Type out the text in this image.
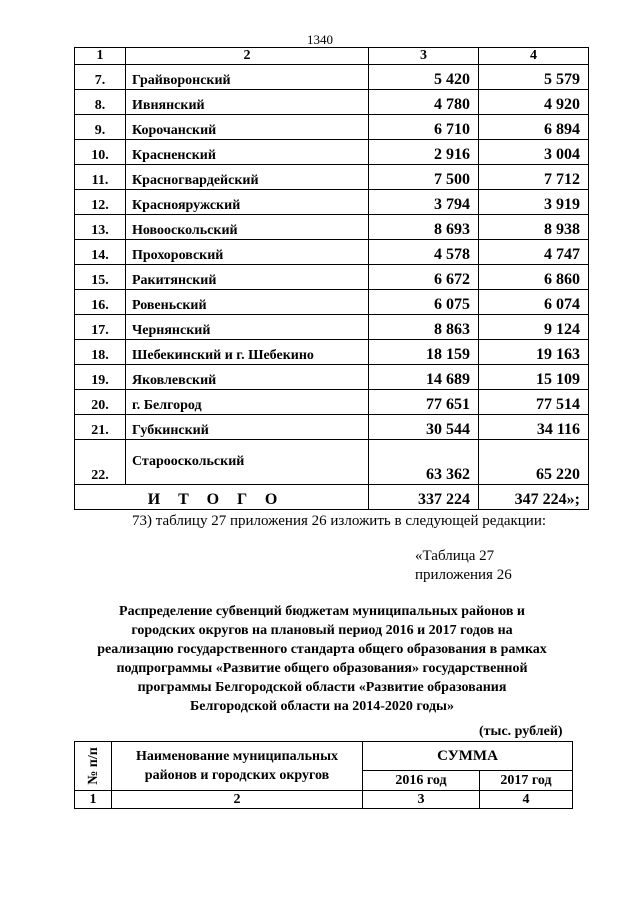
1340
1	2	3	4
7.	Грайворонский	5 420	5 579
8.	Ивнянский	4 780	4 920
9.	Корочанский	6 710	6 894
10.	Красненский	2 916	3 004
11.	Красногвардейский	7 500	7 712
12.	Краснояружский	3 794	3 919
13.	Новооскольский	8 693	8 938
14.	Прохоровский	4 578	4 747
15.	Ракитянский	6 672	6 860
16.	Ровеньский	6 075	6 074
17.	Чернянский	8 863	9 124
18.	Шебекинский и г. Шебекино	18 159	19 163
19.	Яковлевский	14 689	15 109
20.	г. Белгород	77 651	77 514
21.	Губкинский	30 544	34 116
22.	Старооскольский	63 362	65 220
ИТОГО		337 224	347 224»;
73) таблицу 27 приложения 26 изложить в следующей редакции:
«Таблица 27
приложения 26
Распределение субвенций бюджетам муниципальных районов и
городских округов на плановый период 2016 и 2017 годов на
реализацию государственного стандарта общего образования в рамках
подпрограммы «Развитие общего образования» государственной
программы Белгородской области «Развитие образования
Белгородской области на 2014-2020 годы»
(тыс. рублей)
№ п/п	Наименование муниципальных
районов и городских округов	СУММА	
		2016 год	2017 год
1	2	3	4
